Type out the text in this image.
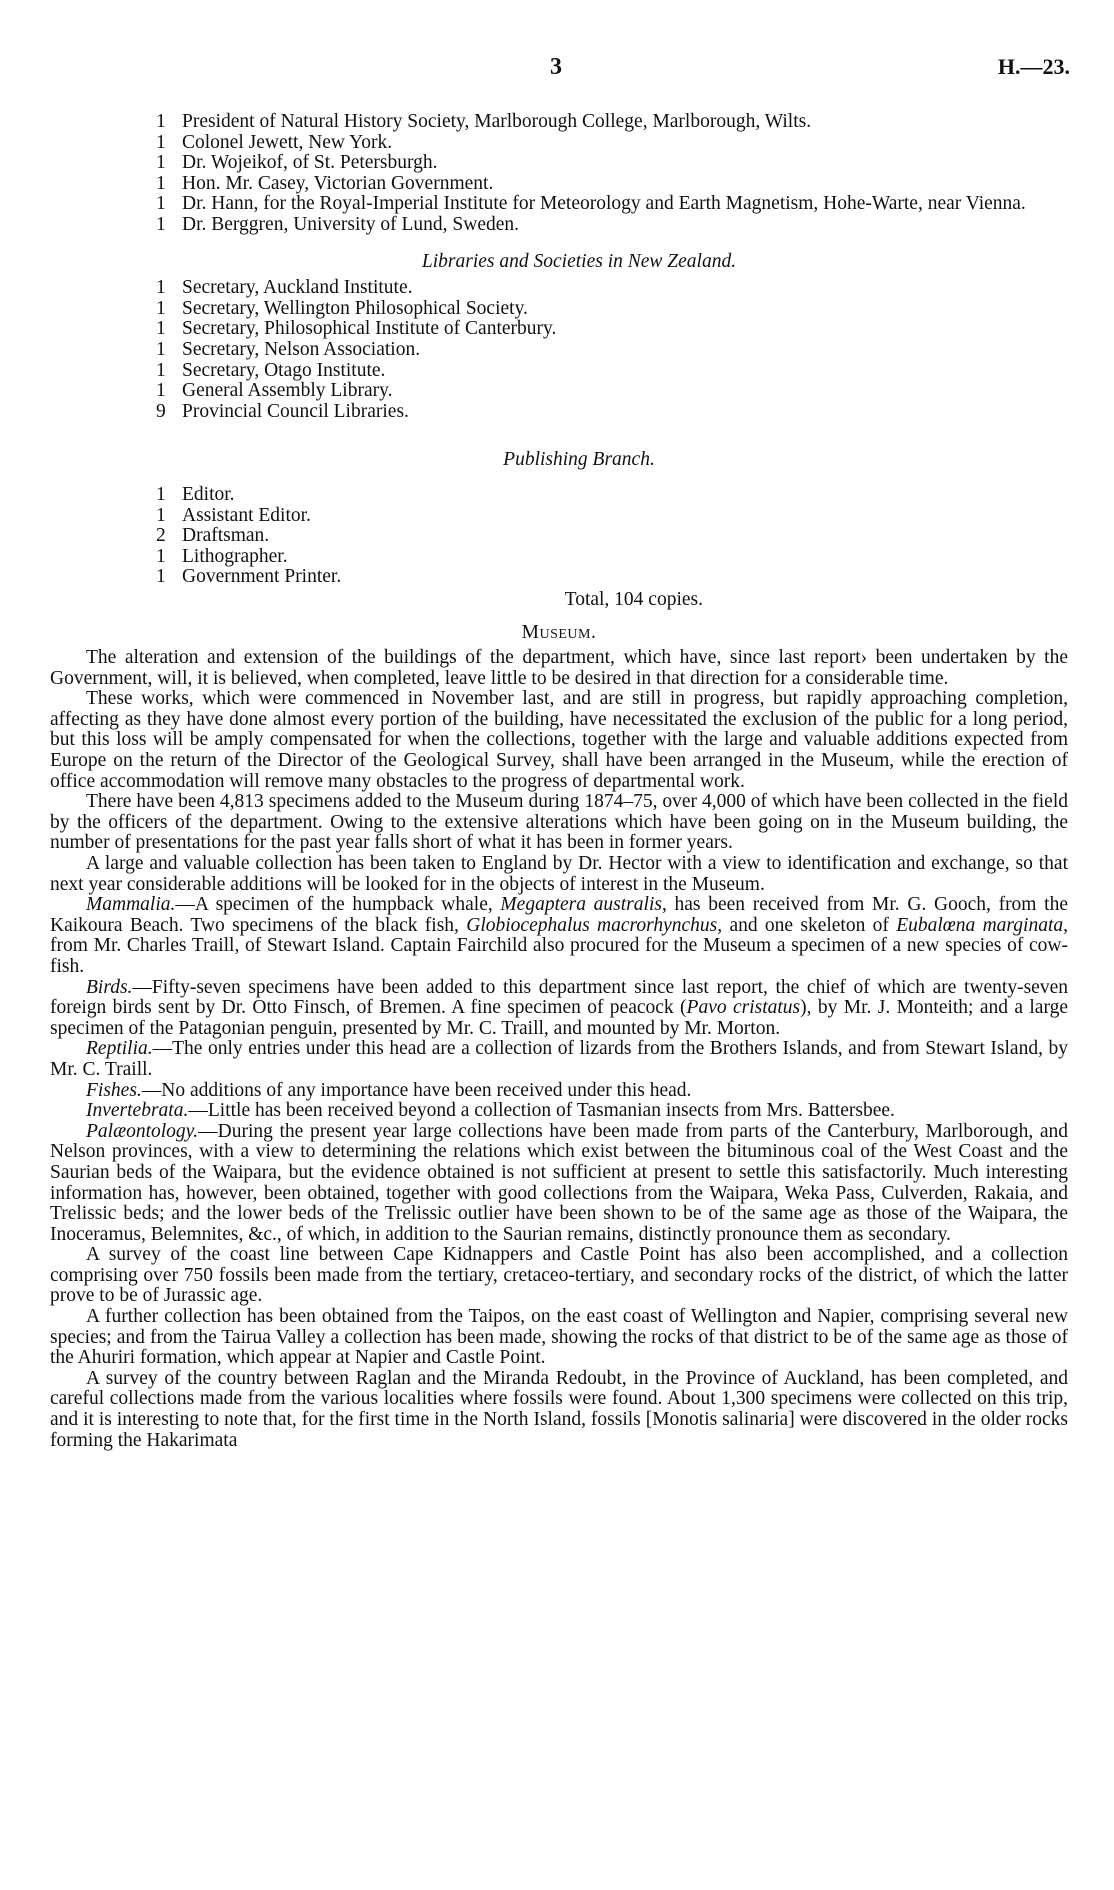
3	H.—23.
1 President of Natural History Society, Marlborough College, Marlborough, Wilts.
1 Colonel Jewett, New York.
1 Dr. Wojeikof, of St. Petersburgh.
1 Hon. Mr. Casey, Victorian Government.
1 Dr. Hann, for the Royal-Imperial Institute for Meteorology and Earth Magnetism, Hohe-Warte, near Vienna.
1 Dr. Berggren, University of Lund, Sweden.
Libraries and Societies in New Zealand.
1 Secretary, Auckland Institute.
1 Secretary, Wellington Philosophical Society.
1 Secretary, Philosophical Institute of Canterbury.
1 Secretary, Nelson Association.
1 Secretary, Otago Institute.
1 General Assembly Library.
9 Provincial Council Libraries.
Publishing Branch.
1 Editor.
1 Assistant Editor.
2 Draftsman.
1 Lithographer.
1 Government Printer.
Total, 104 copies.
Museum.

The alteration and extension of the buildings of the department, which have, since last report› been undertaken by the Government, will, it is believed, when completed, leave little to be desired in that direction for a considerable time.

These works, which were commenced in November last, and are still in progress, but rapidly approaching completion, affecting as they have done almost every portion of the building, have necessitated the exclusion of the public for a long period, but this loss will be amply compensated for when the collections, together with the large and valuable additions expected from Europe on the return of the Director of the Geological Survey, shall have been arranged in the Museum, while the erection of office accommodation will remove many obstacles to the progress of departmental work.

There have been 4,813 specimens added to the Museum during 1874–75, over 4,000 of which have been collected in the field by the officers of the department. Owing to the extensive alterations which have been going on in the Museum building, the number of presentations for the past year falls short of what it has been in former years.

A large and valuable collection has been taken to England by Dr. Hector with a view to identification and exchange, so that next year considerable additions will be looked for in the objects of interest in the Museum.

Mammalia.—A specimen of the humpback whale, Megaptera australis, has been received from Mr. G. Gooch, from the Kaikoura Beach. Two specimens of the black fish, Globiocephalus macrorhynchus, and one skeleton of Eubalœna marginata, from Mr. Charles Traill, of Stewart Island. Captain Fairchild also procured for the Museum a specimen of a new species of cow-fish.

Birds.—Fifty-seven specimens have been added to this department since last report, the chief of which are twenty-seven foreign birds sent by Dr. Otto Finsch, of Bremen. A fine specimen of peacock (Pavo cristatus), by Mr. J. Monteith; and a large specimen of the Patagonian penguin, presented by Mr. C. Traill, and mounted by Mr. Morton.

Reptilia.—The only entries under this head are a collection of lizards from the Brothers Islands, and from Stewart Island, by Mr. C. Traill.

Fishes.—No additions of any importance have been received under this head.

Invertebrata.—Little has been received beyond a collection of Tasmanian insects from Mrs. Battersbee.

Palæontology.—During the present year large collections have been made from parts of the Canterbury, Marlborough, and Nelson provinces, with a view to determining the relations which exist between the bituminous coal of the West Coast and the Saurian beds of the Waipara, but the evidence obtained is not sufficient at present to settle this satisfactorily. Much interesting information has, however, been obtained, together with good collections from the Waipara, Weka Pass, Culverden, Rakaia, and Trelissic beds; and the lower beds of the Trelissic outlier have been shown to be of the same age as those of the Waipara, the Inoceramus, Belemnites, &c., of which, in addition to the Saurian remains, distinctly pronounce them as secondary.

A survey of the coast line between Cape Kidnappers and Castle Point has also been accomplished, and a collection comprising over 750 fossils been made from the tertiary, cretaceo-tertiary, and secondary rocks of the district, of which the latter prove to be of Jurassic age.

A further collection has been obtained from the Taipos, on the east coast of Wellington and Napier, comprising several new species; and from the Tairua Valley a collection has been made, showing the rocks of that district to be of the same age as those of the Ahuriri formation, which appear at Napier and Castle Point.

A survey of the country between Raglan and the Miranda Redoubt, in the Province of Auckland, has been completed, and careful collections made from the various localities where fossils were found. About 1,300 specimens were collected on this trip, and it is interesting to note that, for the first time in the North Island, fossils [Monotis salinaria] were discovered in the older rocks forming the Hakarimata
